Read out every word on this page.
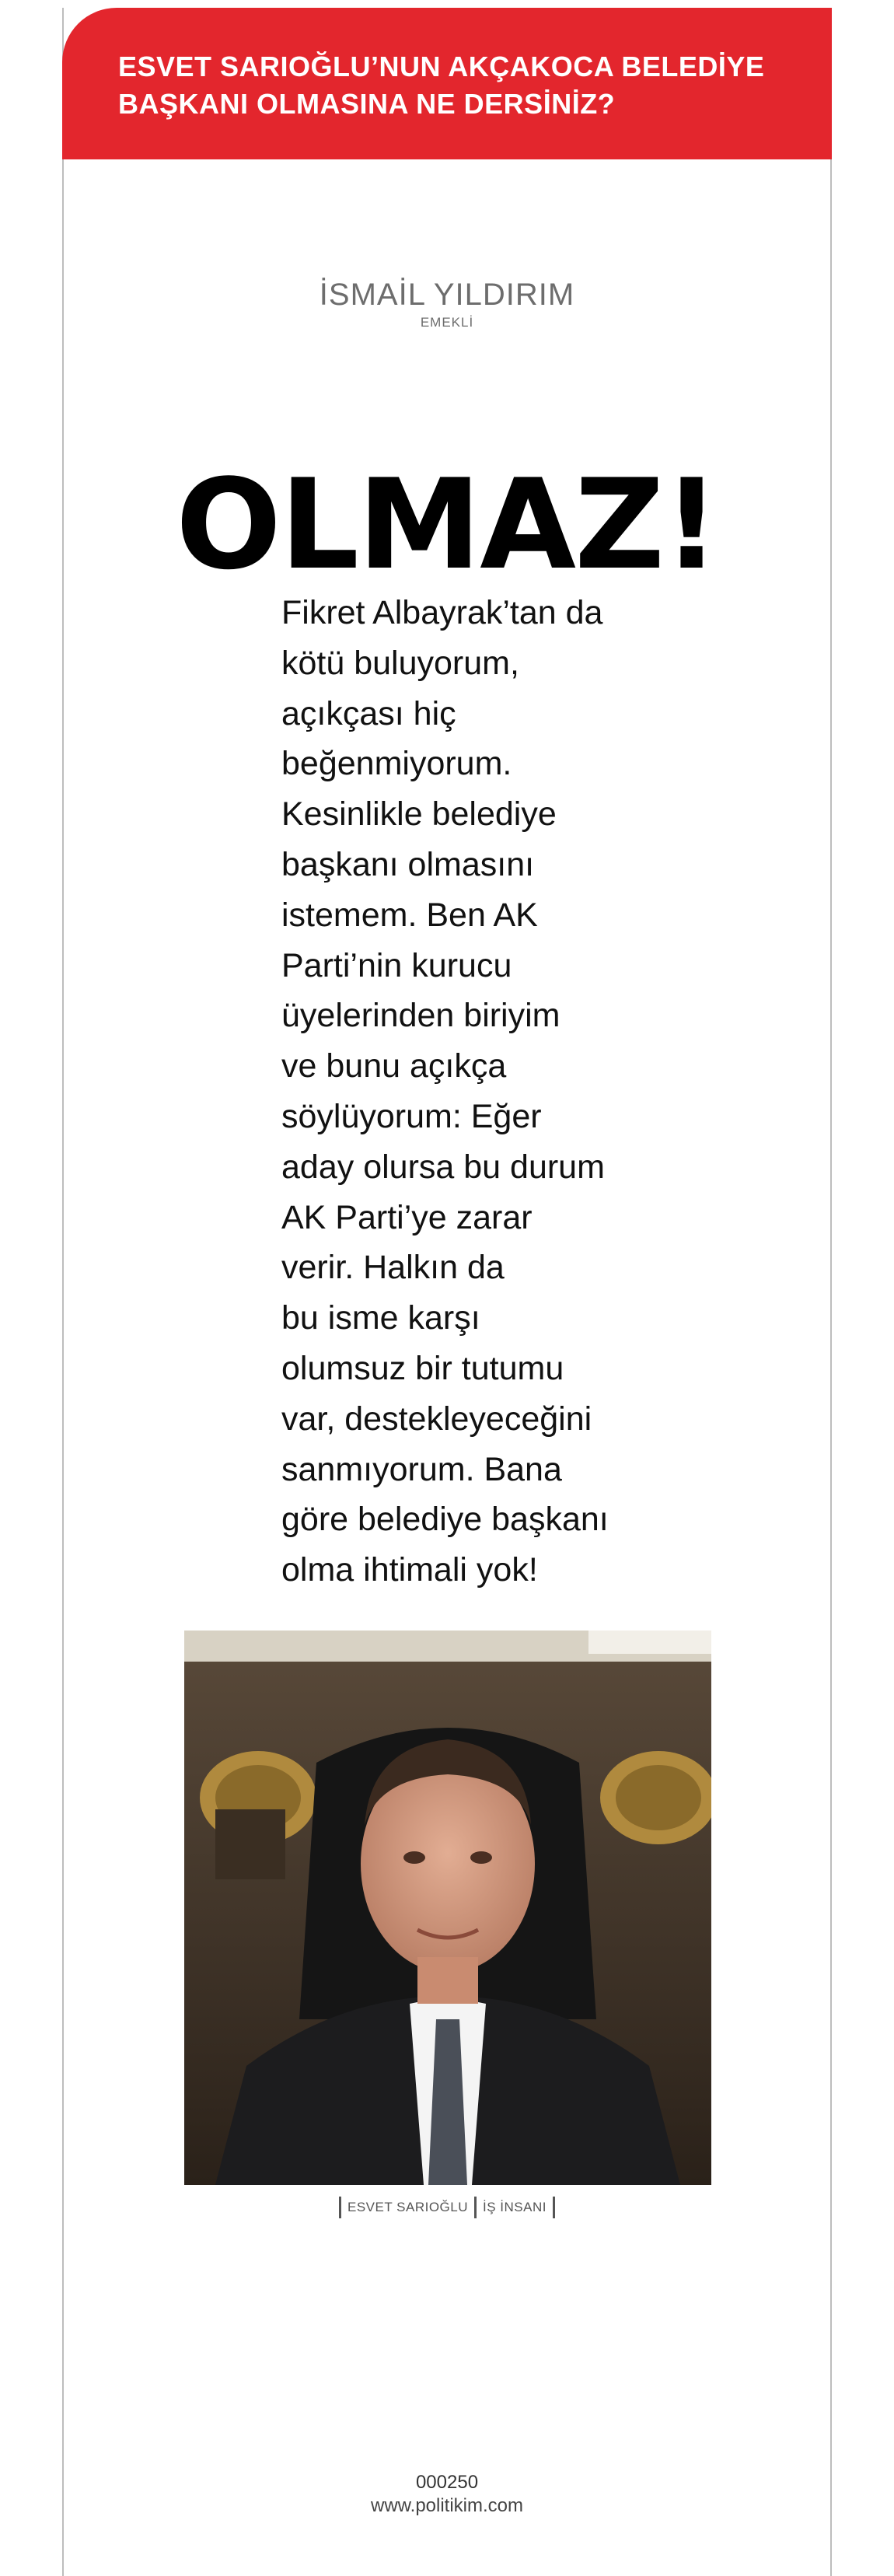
ESVET SARIOĞLU’NUN AKÇAKOCA BELEDİYE
BAŞKANI OLMASINA NE DERSİNİZ?
İSMAİL YILDIRIM
EMEKLİ
OLMAZ!
Fikret Albayrak’tan da
kötü buluyorum,
açıkçası hiç
beğenmiyorum.
Kesinlikle belediye
başkanı olmasını
istemem. Ben AK
Parti’nin kurucu
üyelerinden biriyim
ve bunu açıkça
söylüyorum: Eğer
aday olursa bu durum
AK Parti’ye zarar
verir. Halkın da
bu isme karşı
olumsuz bir tutumu
var, destekleyeceğini
sanmıyorum. Bana
göre belediye başkanı
olma ihtimali yok!
ESVET SARIOĞLU İŞ İNSANI
000250
www.politikim.com
